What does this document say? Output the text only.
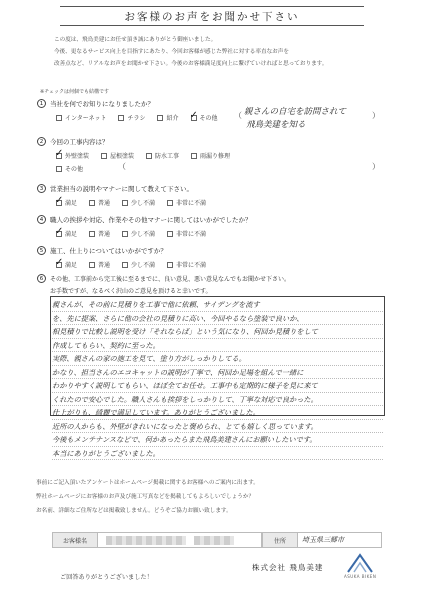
お客様のお声をお聞かせ下さい
この度は、飛鳥美建にお任せ頂き誠にありがとう御座いました。
今後、更なるサービス向上を目指すにあたり、今回お客様が感じた弊社に対する率直なお声を
改善点など、リアルなお声をお聞かせ下さい。今後のお客様満足度向上に繋げていければと思っております。
※チェックは何個でも結構です
1	当社を何でお知りになりましたか？
インターネット	チラシ	紹介 ✓ その他 （ 親さんの自宅を訪問されて
飛鳥美建を知る
）
2	今回の工事内容は？
✓ 外壁塗装	屋根塗装	防水工事	雨漏り修理
その他	（	）
3	営業担当の説明やマナーに関して教えて下さい。
✓ 満足	普通	少し不満	非常に不満
4	職人の挨拶や対応、作業やその他マナーに関してはいかがでしたか？
✓ 満足	普通	少し不満	非常に不満
5	施工、仕上りについてはいかがですか？
✓ 満足	普通	少し不満	非常に不満
6	その他、工事前から完工後に至るまでに、良い意見、悪い意見なんでもお聞かせ下さい。
お手数ですが、なるべく沢山のご意見を頂けると幸いです。
親さんが、その前に見積りを工事で他に依頼、サイデングを流す
を、先に提案、さらに他の会社の見積りに高い、今回やるなら塗装で良いか、
相見積りで比較し説明を受け「それならば」という気になり、何回か見積りをして
作成してもらい、契約に至った。
実際、親さんの家の施工を見て、塗り方がしっかりしてる。
かなり、担当さんのエコキャットの説明が丁寧で、何回か足場を組んで一緒に
わかりやすく説明してもらい、ほぼ全てお任せ。工事中も定期的に様子を見に来て
くれたので安心でした。職人さんも挨拶をしっかりして、丁寧な対応で良かった。
仕上がりも、綺麗で満足しています。ありがとうございました。
近所の人からも、外壁がきれいになったと褒められ、とても嬉しく思っています。
今後もメンテナンスなどで、何かあったらまた飛鳥美建さんにお願いしたいです。
本当にありがとうございました。
事前にご記入頂いたアンケートはホームページ掲載に関するお客様へのご案内に出ます。
弊社ホームページにお客様のお声及び施工写真などを掲載してもよろしいでしょうか？
お名前、詳細なご住所などは掲載致しません。どうぞご協力お願い致します。
お客様名	住所	埼玉県三郷市
ご回答ありがとうございました！
株式会社 飛鳥美建
ASUKA BIKEN
